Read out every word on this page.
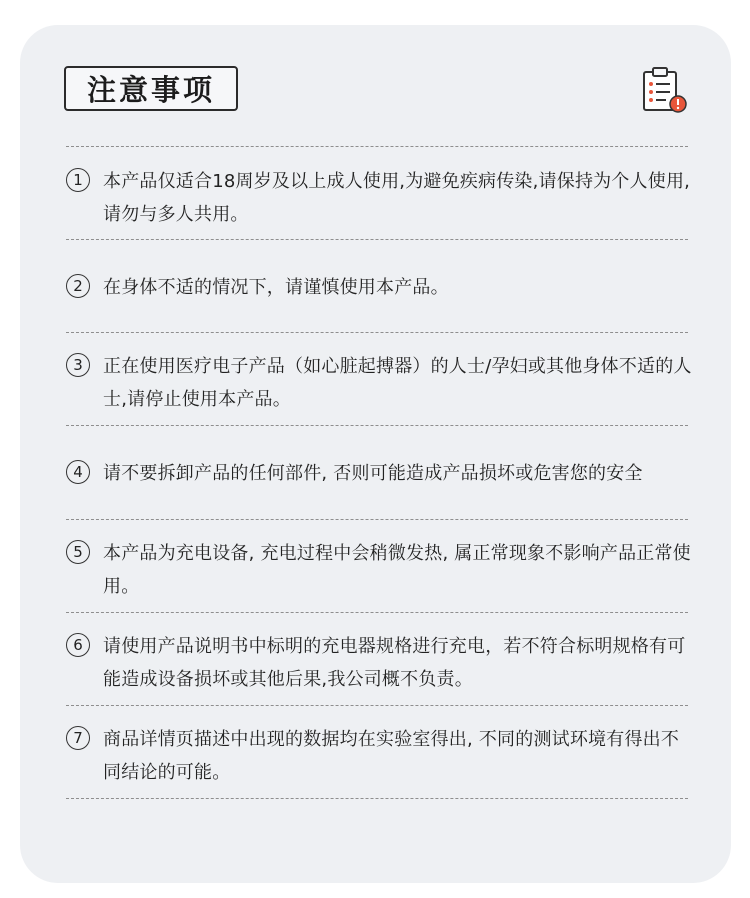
注意事项
1	本产品仅适合18周岁及以上成人使用,为避免疾病传染,请保持为个人使用,请勿与多人共用。
2	在身体不适的情况下，请谨慎使用本产品。
3	正在使用医疗电子产品（如心脏起搏器）的人士/孕妇或其他身体不适的人士,请停止使用本产品。
4	请不要拆卸产品的任何部件, 否则可能造成产品损坏或危害您的安全
5	本产品为充电设备, 充电过程中会稍微发热, 属正常现象不影响产品正常使用。
6	请使用产品说明书中标明的充电器规格进行充电，若不符合标明规格有可能造成设备损坏或其他后果,我公司概不负责。
7	商品详情页描述中出现的数据均在实验室得出, 不同的测试环境有得出不同结论的可能。
